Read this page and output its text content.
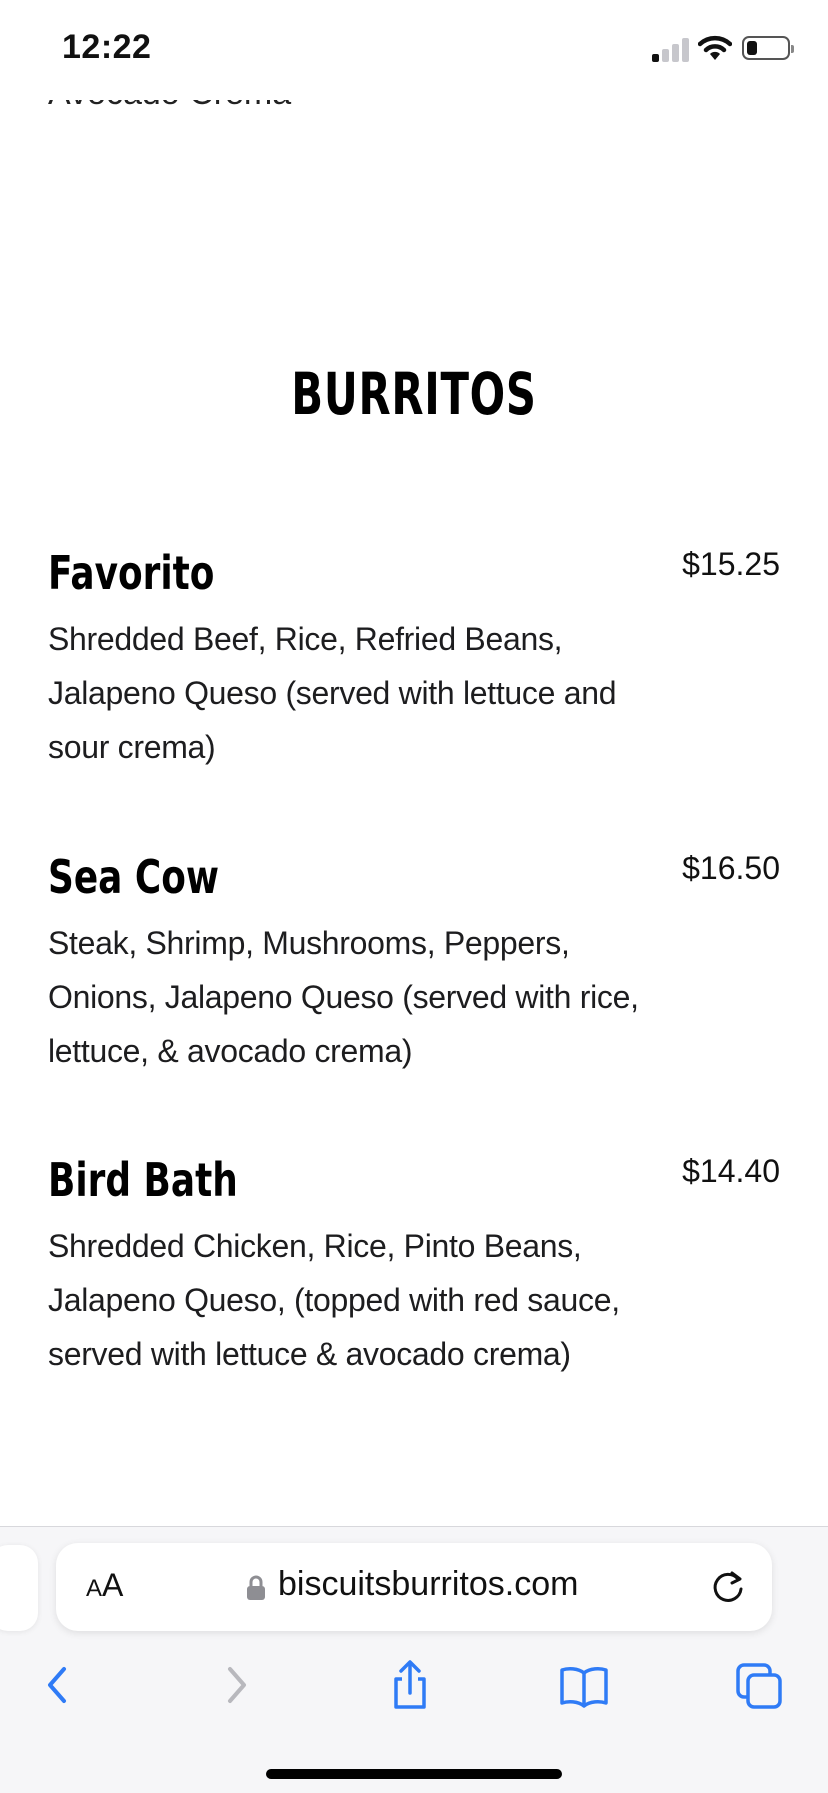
12:22
BURRITOS
Favorito	$15.25
Shredded Beef, Rice, Refried Beans, Jalapeno Queso (served with lettuce and sour crema)
Sea Cow	$16.50
Steak, Shrimp, Mushrooms, Peppers, Onions, Jalapeno Queso (served with rice, lettuce, & avocado crema)
Bird Bath	$14.40
Shredded Chicken, Rice, Pinto Beans, Jalapeno Queso, (topped with red sauce, served with lettuce & avocado crema)
AA	biscuitsburritos.com
